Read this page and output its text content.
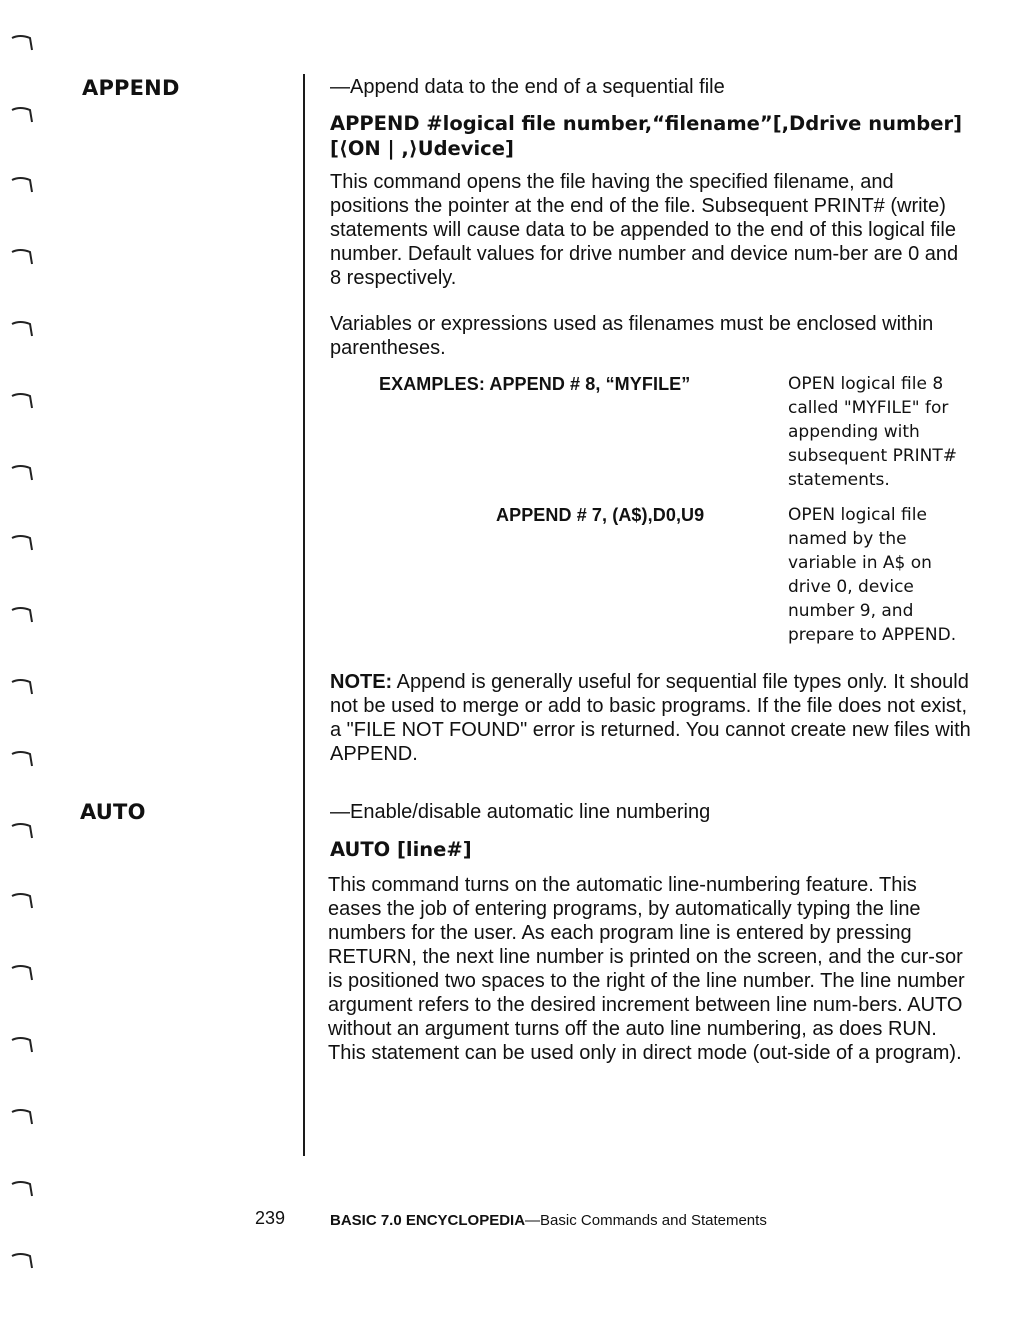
APPEND	—Append data to the end of a sequential file

APPEND #logical file number,“filename”[,Ddrive number]

[⟨ON | ,⟩Udevice]

This command opens the file having the specified filename, and positions the pointer at the end of the file. Subsequent PRINT# (write) statements will cause data to be appended to the end of this logical file number. Default values for drive number and device num-ber are 0 and 8 respectively.

Variables or expressions used as filenames must be enclosed within parentheses.

EXAMPLES: APPEND # 8, “MYFILE”	OPEN logical file 8 called "MYFILE" for appending with subsequent PRINT# statements.
APPEND # 7, (A$),D0,U9	OPEN logical file named by the variable in A$ on drive 0, device number 9, and prepare to APPEND.

NOTE: Append is generally useful for sequential file types only. It should not be used to merge or add to basic programs. If the file does not exist, a "FILE NOT FOUND" error is returned. You cannot create new files with APPEND.

AUTO	—Enable/disable automatic line numbering

AUTO [line#]

This command turns on the automatic line-numbering feature. This eases the job of entering programs, by automatically typing the line numbers for the user. As each program line is entered by pressing RETURN, the next line number is printed on the screen, and the cur-sor is positioned two spaces to the right of the line number. The line number argument refers to the desired increment between line num-bers. AUTO without an argument turns off the auto line numbering, as does RUN. This statement can be used only in direct mode (out-side of a program).

239	BASIC 7.0 ENCYCLOPEDIA—Basic Commands and Statements
